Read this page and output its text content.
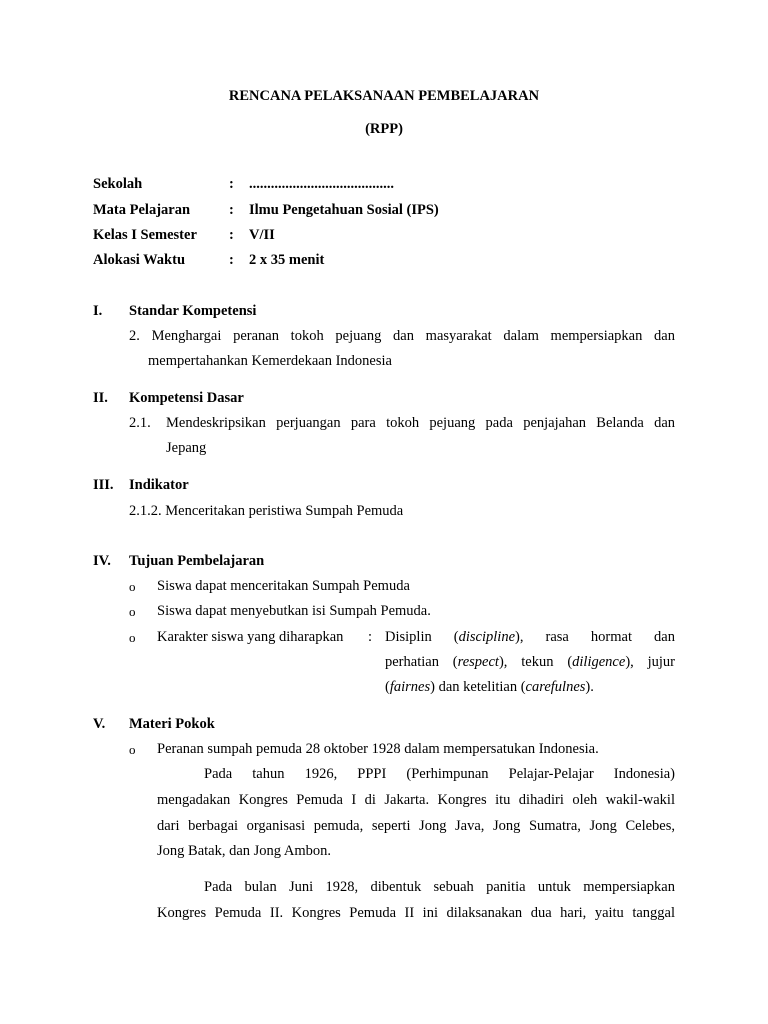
RENCANA PELAKSANAAN PEMBELAJARAN
(RPP)
Sekolah	: ........................................
Mata Pelajaran	: Ilmu Pengetahuan Sosial (IPS)
Kelas I Semester : V/II
Alokasi Waktu	: 2 x 35 menit
I. Standar Kompetensi
2. Menghargai peranan tokoh pejuang dan masyarakat dalam mempersiapkan dan
mempertahankan Kemerdekaan Indonesia
II. Kompetensi Dasar
2.1. Mendeskripsikan perjuangan para tokoh pejuang pada penjajahan Belanda dan
Jepang
III. Indikator
2.1.2. Menceritakan peristiwa Sumpah Pemuda
IV. Tujuan Pembelajaran
o Siswa dapat menceritakan Sumpah Pemuda
o Siswa dapat menyebutkan isi Sumpah Pemuda.
o Karakter siswa yang diharapkan : Disiplin (discipline), rasa hormat dan
perhatian (respect), tekun (diligence), jujur
(fairnes) dan ketelitian (carefulnes).
V. Materi Pokok
o Peranan sumpah pemuda 28 oktober 1928 dalam mempersatukan Indonesia.
Pada tahun 1926, PPPI (Perhimpunan Pelajar-Pelajar Indonesia)
mengadakan Kongres Pemuda I di Jakarta. Kongres itu dihadiri oleh wakil-wakil
dari berbagai organisasi pemuda, seperti Jong Java, Jong Sumatra, Jong Celebes,
Jong Batak, dan Jong Ambon.
Pada bulan Juni 1928, dibentuk sebuah panitia untuk mempersiapkan
Kongres Pemuda II. Kongres Pemuda II ini dilaksanakan dua hari, yaitu tanggal
